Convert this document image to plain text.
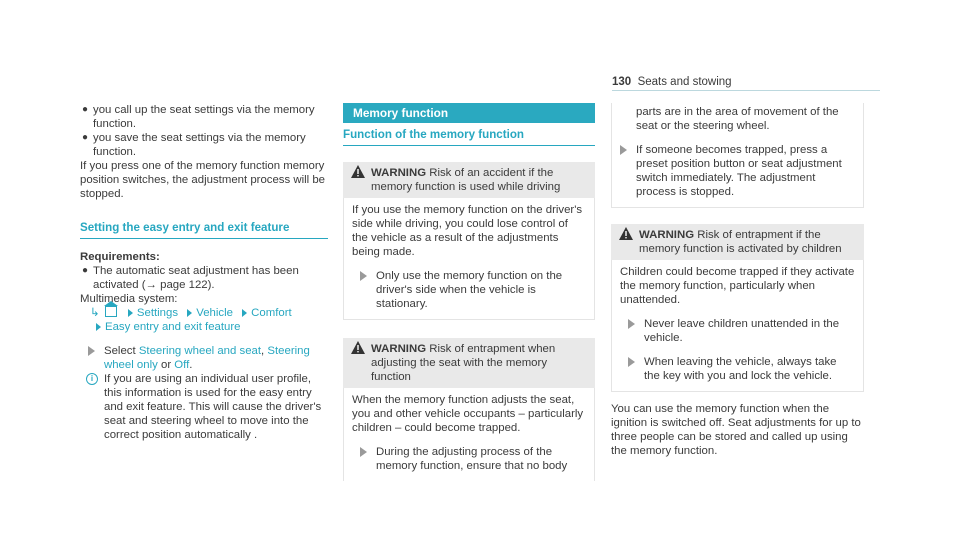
130 Seats and stowing
● you call up the seat settings via the memory function.
● you save the seat settings via the memory function.

If you press one of the memory function memory position switches, the adjustment process will be stopped.

Setting the easy entry and exit feature
Requirements:
● The automatic seat adjustment has been activated (→ page 122).
Multimedia system:
↳	Settings Vehicle Comfort
Easy entry and exit feature
Select Steering wheel and seat, Steering wheel only or Off.
i If you are using an individual user profile, this information is used for the easy entry and exit feature. This will cause the driver's seat and steering wheel to move into the correct position automatically .
Memory function
Function of the memory function
WARNING Risk of an accident if the memory function is used while driving
If you use the memory function on the driver's side while driving, you could lose control of the vehicle as a result of the adjustments being made.
Only use the memory function on the driver's side when the vehicle is stationary.
WARNING Risk of entrapment when adjusting the seat with the memory function
When the memory function adjusts the seat, you and other vehicle occupants – particularly children – could become trapped.
During the adjusting process of the memory function, ensure that no body
parts are in the area of movement of the seat or the steering wheel.
If someone becomes trapped, press a preset position button or seat adjustment switch immediately. The adjustment process is stopped.
WARNING Risk of entrapment if the memory function is activated by children
Children could become trapped if they activate the memory function, particularly when unattended.
Never leave children unattended in the vehicle.
When leaving the vehicle, always take the key with you and lock the vehicle.

You can use the memory function when the ignition is switched off. Seat adjustments for up to three people can be stored and called up using the memory function.
